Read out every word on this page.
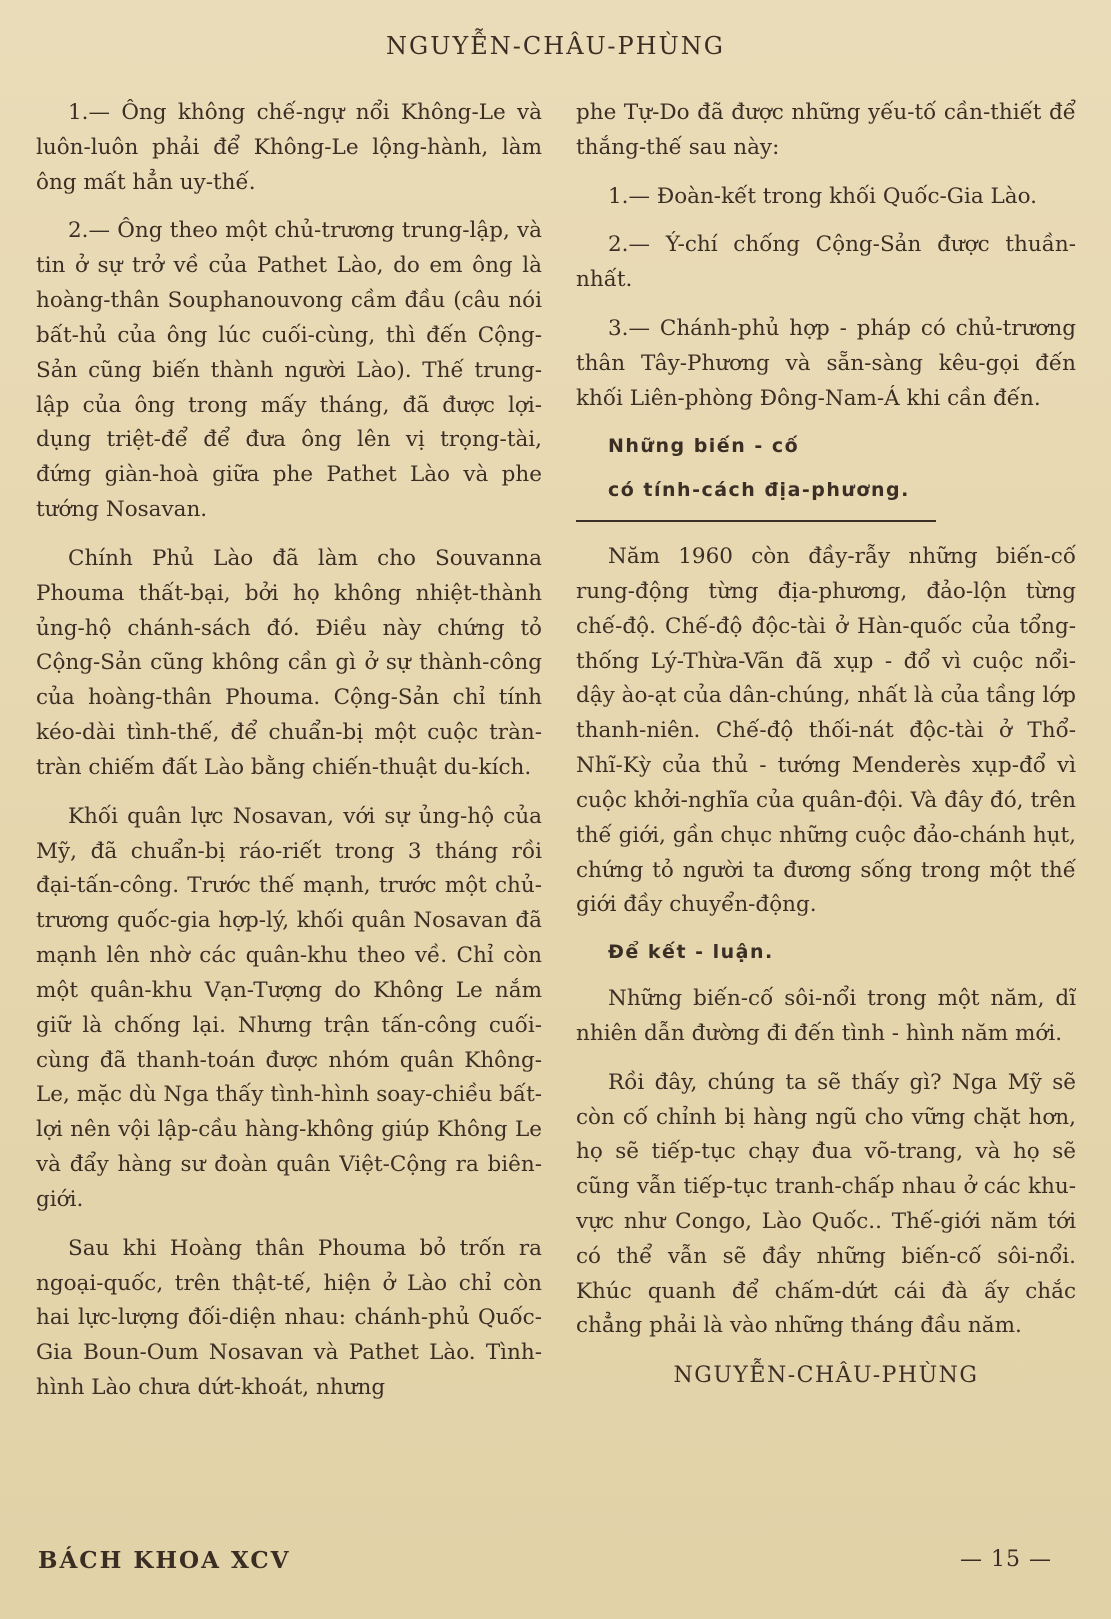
NGUYỄN-CHÂU-PHÙNG

1.— Ông không chế-ngự nổi Không-Le và luôn-luôn phải để Không-Le lộng-hành, làm ông mất hẳn uy-thế.

2.— Ông theo một chủ-trương trung-lập, và tin ở sự trở về của Pathet Lào, do em ông là hoàng-thân Souphanouvong cầm đầu (câu nói bất-hủ của ông lúc cuối-cùng, thì đến Cộng-Sản cũng biến thành người Lào). Thế trung-lập của ông trong mấy tháng, đã được lợi-dụng triệt-để để đưa ông lên vị trọng-tài, đứng giàn-hoà giữa phe Pathet Lào và phe tướng Nosavan.

Chính Phủ Lào đã làm cho Souvanna Phouma thất-bại, bởi họ không nhiệt-thành ủng-hộ chánh-sách đó. Điều này chứng tỏ Cộng-Sản cũng không cần gì ở sự thành-công của hoàng-thân Phouma. Cộng-Sản chỉ tính kéo-dài tình-thế, để chuẩn-bị một cuộc tràn-tràn chiếm đất Lào bằng chiến-thuật du-kích.

Khối quân lực Nosavan, với sự ủng-hộ của Mỹ, đã chuẩn-bị ráo-riết trong 3 tháng rồi đại-tấn-công. Trước thế mạnh, trước một chủ-trương quốc-gia hợp-lý, khối quân Nosavan đã mạnh lên nhờ các quân-khu theo về. Chỉ còn một quân-khu Vạn-Tượng do Không Le nắm giữ là chống lại. Nhưng trận tấn-công cuối-cùng đã thanh-toán được nhóm quân Không-Le, mặc dù Nga thấy tình-hình soay-chiều bất-lợi nên vội lập-cầu hàng-không giúp Không Le và đẩy hàng sư đoàn quân Việt-Cộng ra biên-giới.

Sau khi Hoàng thân Phouma bỏ trốn ra ngoại-quốc, trên thật-tế, hiện ở Lào chỉ còn hai lực-lượng đối-diện nhau: chánh-phủ Quốc-Gia Boun-Oum Nosavan và Pathet Lào. Tình-hình Lào chưa dứt-khoát, nhưng

phe Tự-Do đã được những yếu-tố cần-thiết để thắng-thế sau này:

1.— Đoàn-kết trong khối Quốc-Gia Lào.

2.— Ý-chí chống Cộng-Sản được thuần-nhất.

3.— Chánh-phủ hợp - pháp có chủ-trương thân Tây-Phương và sẵn-sàng kêu-gọi đến khối Liên-phòng Đông-Nam-Á khi cần đến.

Những biến - cố

có tính-cách địa-phương.

Năm 1960 còn đầy-rẫy những biến-cố rung-động từng địa-phương, đảo-lộn từng chế-độ. Chế-độ độc-tài ở Hàn-quốc của tổng-thống Lý-Thừa-Vãn đã xụp - đổ vì cuộc nổi-dậy ào-ạt của dân-chúng, nhất là của tầng lớp thanh-niên. Chế-độ thối-nát độc-tài ở Thổ-Nhĩ-Kỳ của thủ - tướng Menderès xụp-đổ vì cuộc khởi-nghĩa của quân-đội. Và đây đó, trên thế giới, gần chục những cuộc đảo-chánh hụt, chứng tỏ người ta đương sống trong một thế giới đầy chuyển-động.

Để kết - luận.

Những biến-cố sôi-nổi trong một năm, dĩ nhiên dẫn đường đi đến tình - hình năm mới.

Rồi đây, chúng ta sẽ thấy gì? Nga Mỹ sẽ còn cố chỉnh bị hàng ngũ cho vững chặt hơn, họ sẽ tiếp-tục chạy đua võ-trang, và họ sẽ cũng vẫn tiếp-tục tranh-chấp nhau ở các khu-vực như Congo, Lào Quốc.. Thế-giới năm tới có thể vẫn sẽ đầy những biến-cố sôi-nổi. Khúc quanh để chấm-dứt cái đà ấy chắc chẳng phải là vào những tháng đầu năm.

NGUYỄN-CHÂU-PHÙNG
BÁCH KHOA XCV	— 15 —
